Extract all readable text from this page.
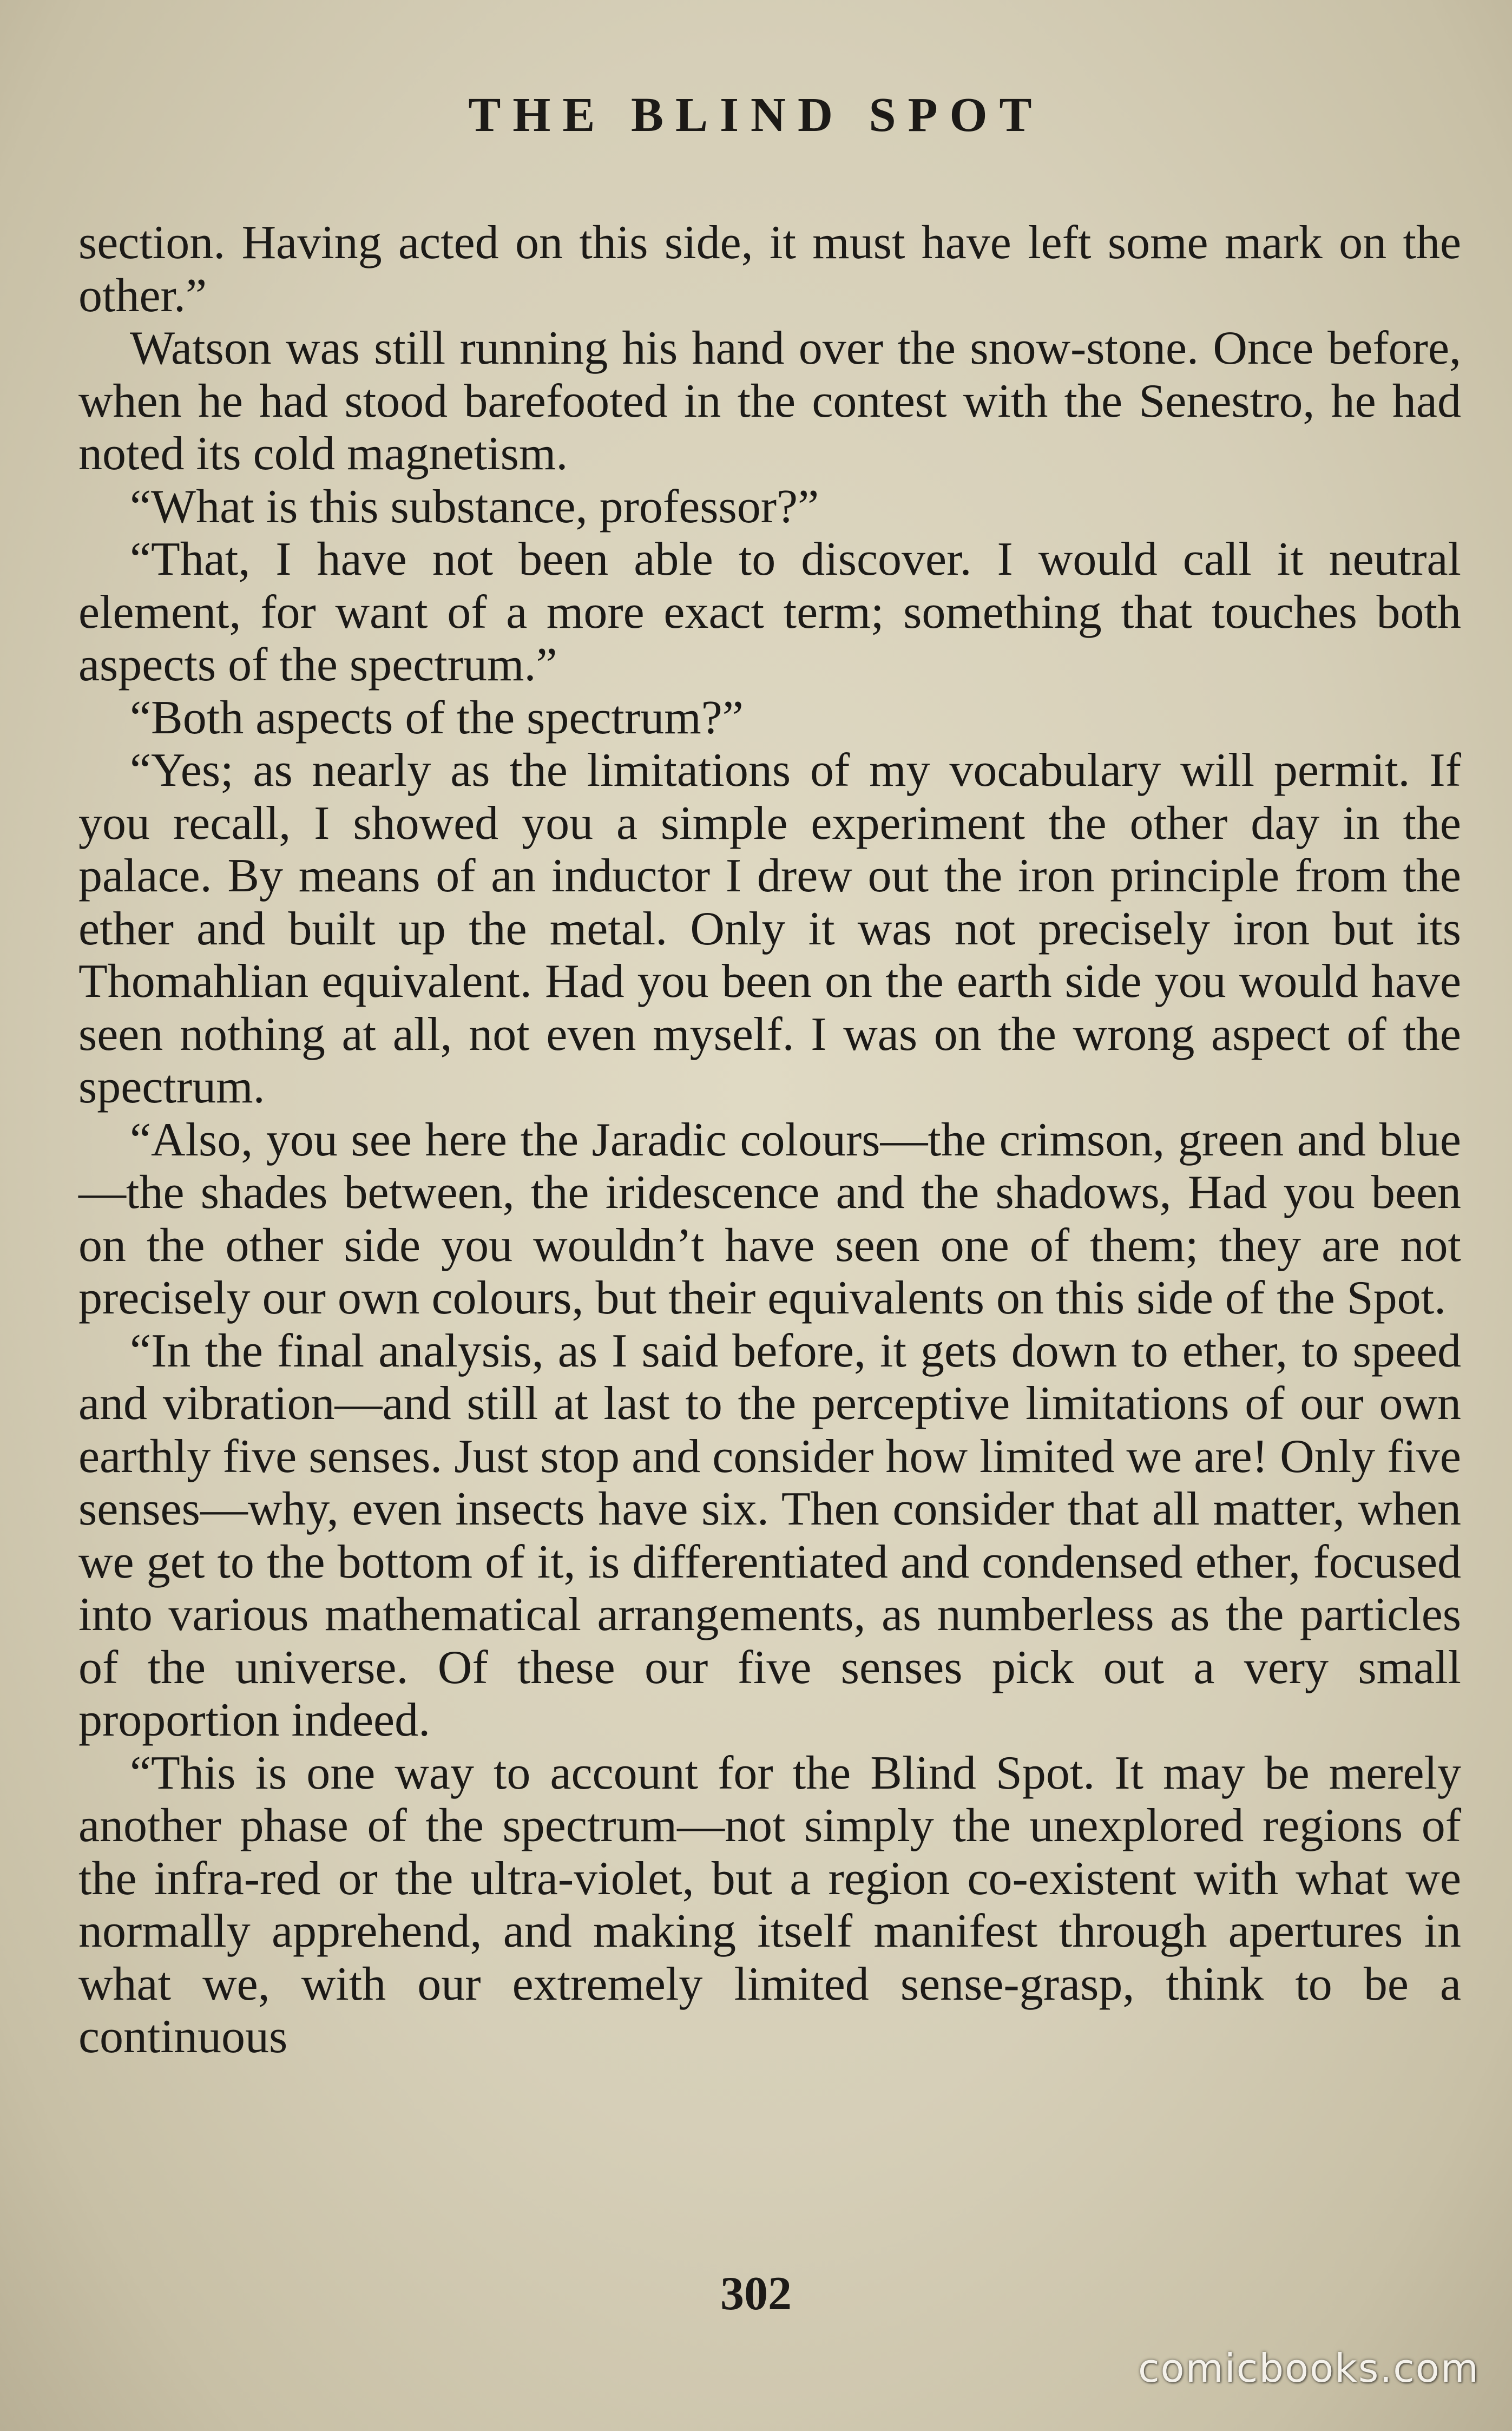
THE BLIND SPOT

section. Having acted on this side, it must have left some mark on the other.”

Watson was still running his hand over the snow-stone. Once before, when he had stood barefooted in the contest with the Senestro, he had noted its cold magnetism.

“What is this substance, professor?”

“That, I have not been able to discover. I would call it neutral element, for want of a more exact term; something that touches both aspects of the spectrum.”

“Both aspects of the spectrum?”

“Yes; as nearly as the limitations of my vocabulary will permit. If you recall, I showed you a simple experiment the other day in the palace. By means of an inductor I drew out the iron principle from the ether and built up the metal. Only it was not precisely iron but its Thomahlian equivalent. Had you been on the earth side you would have seen nothing at all, not even myself. I was on the wrong aspect of the spectrum.

“Also, you see here the Jaradic colours—the crimson, green and blue—the shades between, the iridescence and the shadows, Had you been on the other side you wouldn’t have seen one of them; they are not precisely our own colours, but their equivalents on this side of the Spot.

“In the final analysis, as I said before, it gets down to ether, to speed and vibration—and still at last to the perceptive limitations of our own earthly five senses. Just stop and consider how limited we are! Only five senses—why, even insects have six. Then consider that all matter, when we get to the bottom of it, is differentiated and condensed ether, focused into various mathematical arrangements, as numberless as the particles of the universe. Of these our five senses pick out a very small proportion indeed.

“This is one way to account for the Blind Spot. It may be merely another phase of the spectrum—not simply the unexplored regions of the infra-red or the ultra-violet, but a region co-existent with what we normally apprehend, and making itself manifest through apertures in what we, with our extremely limited sense-grasp, think to be a continuous

302
comicbooks.com
